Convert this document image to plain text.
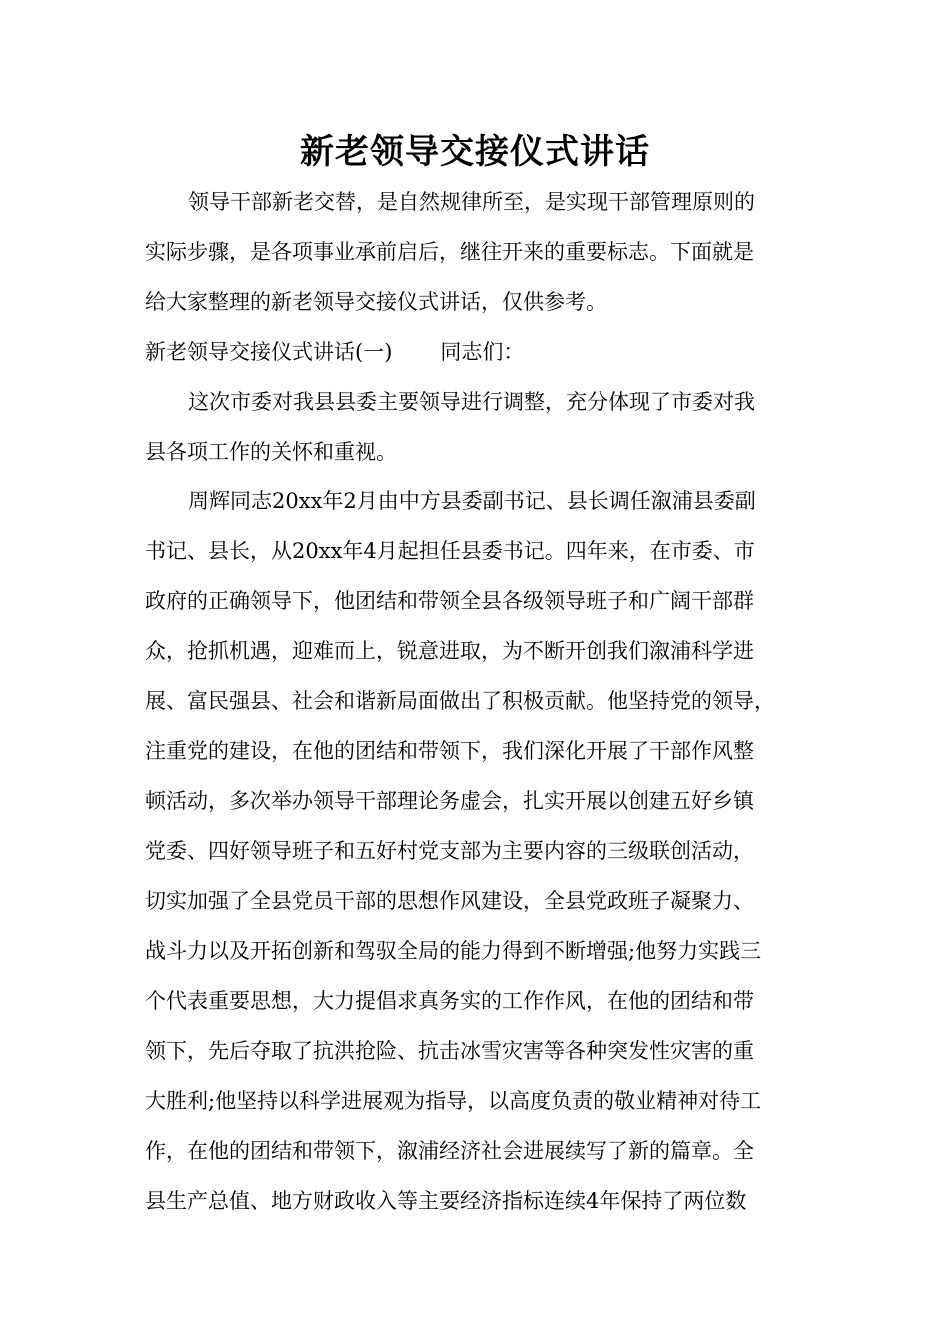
新老领导交接仪式讲话
领导干部新老交替，是自然规律所至，是实现干部管理原则的
实际步骤，是各项事业承前启后，继往开来的重要标志。下面就是
给大家整理的新老领导交接仪式讲话，仅供参考。
新老领导交接仪式讲话(一) 同志们：
这次市委对我县县委主要领导进行调整，充分体现了市委对我
县各项工作的关怀和重视。
周辉同志20xx年2月由中方县委副书记、县长调任溆浦县委副
书记、县长，从20xx年4月起担任县委书记。四年来，在市委、市
政府的正确领导下，他团结和带领全县各级领导班子和广阔干部群
众，抢抓机遇，迎难而上，锐意进取，为不断开创我们溆浦科学进
展、富民强县、社会和谐新局面做出了积极贡献。他坚持党的领导，
注重党的建设，在他的团结和带领下，我们深化开展了干部作风整
顿活动，多次举办领导干部理论务虚会，扎实开展以创建五好乡镇
党委、四好领导班子和五好村党支部为主要内容的三级联创活动，
切实加强了全县党员干部的思想作风建设，全县党政班子凝聚力、
战斗力以及开拓创新和驾驭全局的能力得到不断增强;他努力实践三
个代表重要思想，大力提倡求真务实的工作作风，在他的团结和带
领下，先后夺取了抗洪抢险、抗击冰雪灾害等各种突发性灾害的重
大胜利;他坚持以科学进展观为指导，以高度负责的敬业精神对待工
作，在他的团结和带领下，溆浦经济社会进展续写了新的篇章。全
县生产总值、地方财政收入等主要经济指标连续4年保持了两位数
